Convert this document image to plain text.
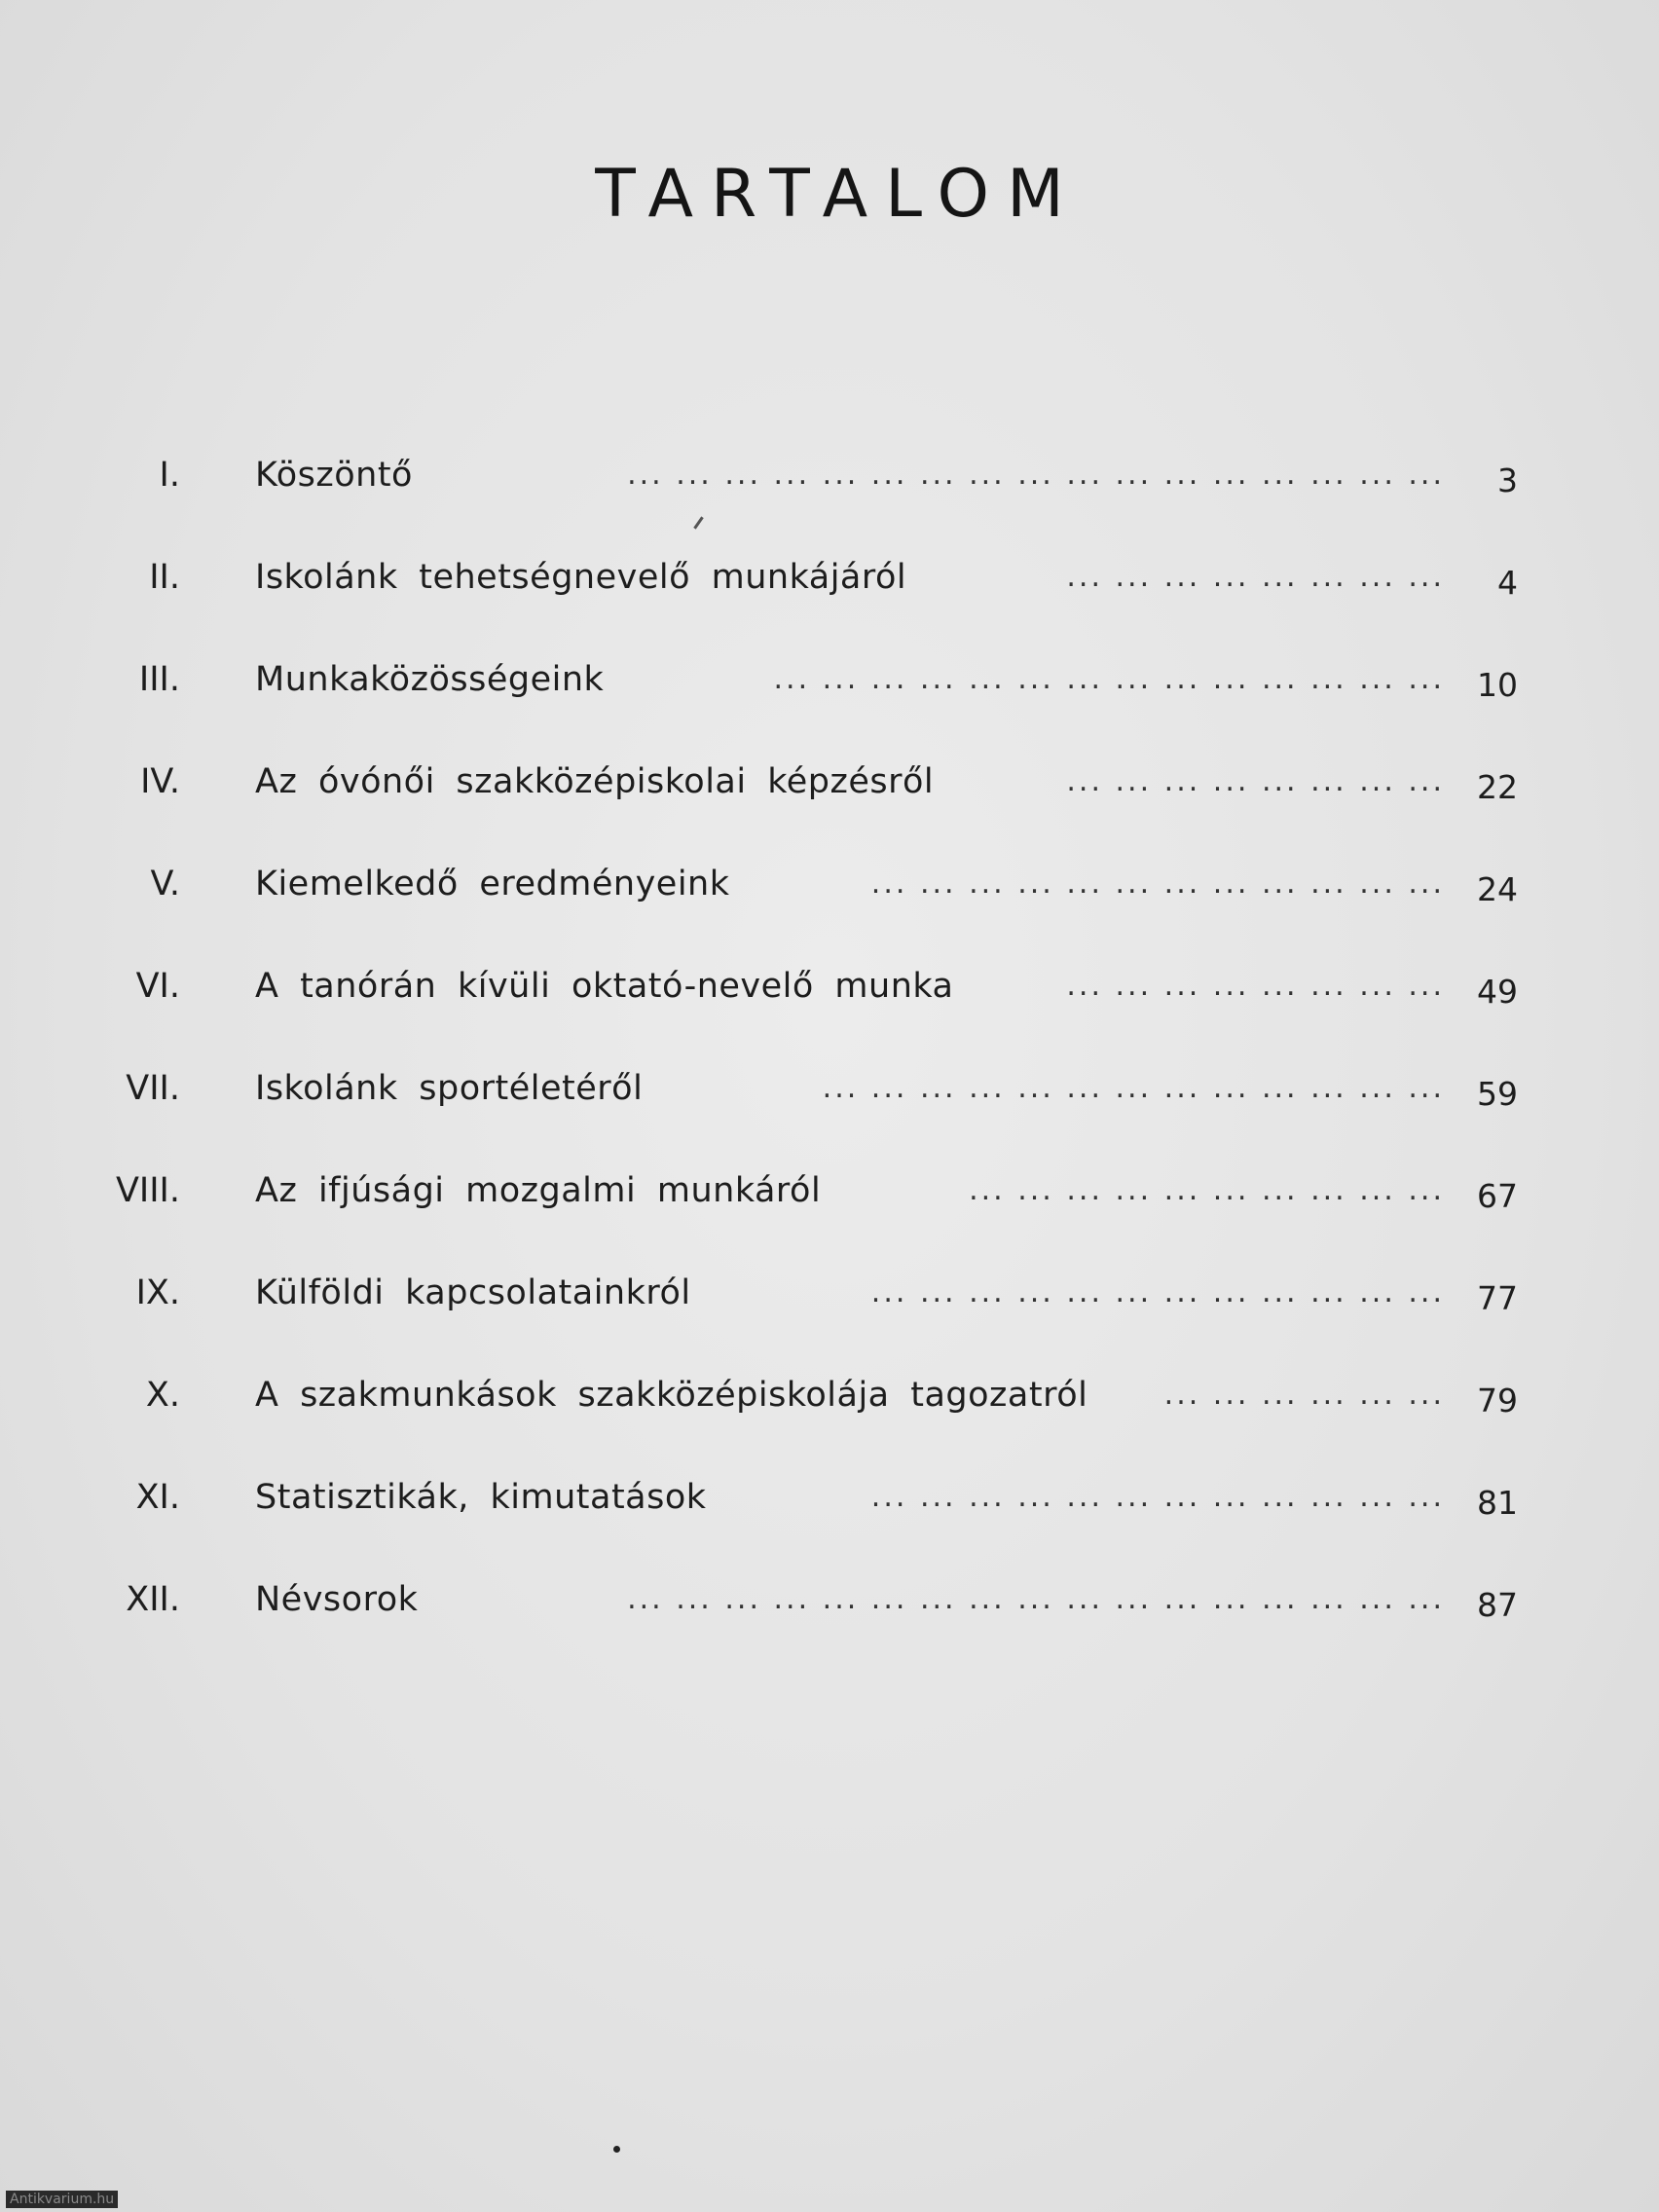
TARTALOM
I. Köszöntő	... ... ... ... ... ... ... ... ... ... ... ... ... ... ... ... ...	3
II. Iskolánk tehetségnevelő munkájáról	... ... ... ... ... ... ... ...	4
III. Munkaközösségeink	... ... ... ... ... ... ... ... ... ... ... ... ... ...	10
IV. Az óvónői szakközépiskolai képzésről	... ... ... ... ... ... ... ...	22
V. Kiemelkedő eredményeink	... ... ... ... ... ... ... ... ... ... ... ...	24
VI. A tanórán kívüli oktató-nevelő munka	... ... ... ... ... ... ... ...	49
VII. Iskolánk sportéletéről	... ... ... ... ... ... ... ... ... ... ... ... ...	59
VIII. Az ifjúsági mozgalmi munkáról	... ... ... ... ... ... ... ... ... ...	67
IX. Külföldi kapcsolatainkról	... ... ... ... ... ... ... ... ... ... ... ...	77
X. A szakmunkások szakközépiskolája tagozatról	... ... ... ... ... ...	79
XI. Statisztikák, kimutatások	... ... ... ... ... ... ... ... ... ... ... ...	81
XII. Névsorok	... ... ... ... ... ... ... ... ... ... ... ... ... ... ... ... ...	87
Antikvarium.hu
